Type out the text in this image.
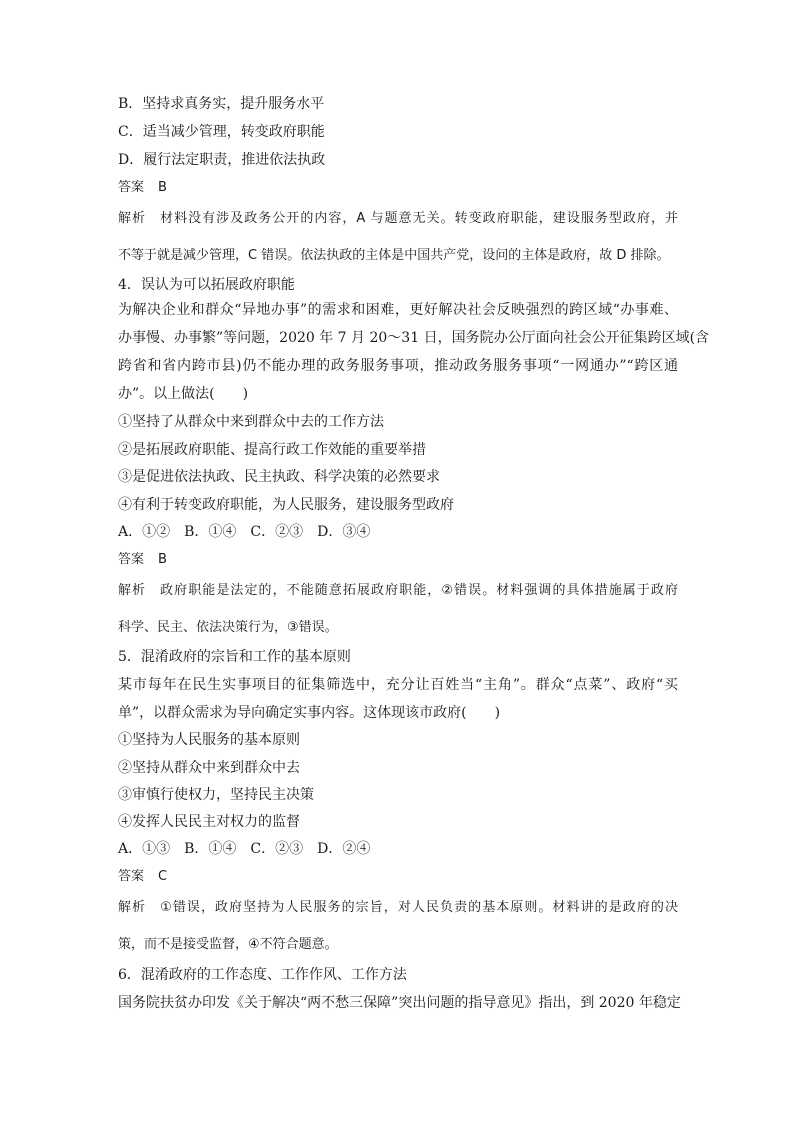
B．坚持求真务实，提升服务水平
C．适当减少管理，转变政府职能
D．履行法定职责，推进依法执政
答案 B
解析 材料没有涉及政务公开的内容，A 与题意无关。转变政府职能，建设服务型政府，并
不等于就是减少管理，C 错误。依法执政的主体是中国共产党，设问的主体是政府，故 D 排除。
4．误认为可以拓展政府职能
为解决企业和群众“异地办事”的需求和困难，更好解决社会反映强烈的跨区域“办事难、
办事慢、办事繁”等问题，2020 年 7 月 20～31 日，国务院办公厅面向社会公开征集跨区域(含
跨省和省内跨市县)仍不能办理的政务服务事项，推动政务服务事项“一网通办”“跨区通
办”。以上做法(　　)
①坚持了从群众中来到群众中去的工作方法
②是拓展政府职能、提高行政工作效能的重要举措
③是促进依法执政、民主执政、科学决策的必然要求
④有利于转变政府职能，为人民服务，建设服务型政府
A．①②　B．①④　C．②③　D．③④
答案 B
解析 政府职能是法定的，不能随意拓展政府职能，②错误。材料强调的具体措施属于政府
科学、民主、依法决策行为，③错误。
5．混淆政府的宗旨和工作的基本原则
某市每年在民生实事项目的征集筛选中，充分让百姓当“主角”。群众“点菜”、政府“买
单”，以群众需求为导向确定实事内容。这体现该市政府(　　)
①坚持为人民服务的基本原则
②坚持从群众中来到群众中去
③审慎行使权力，坚持民主决策
④发挥人民民主对权力的监督
A．①③　B．①④　C．②③　D．②④
答案 C
解析 ①错误，政府坚持为人民服务的宗旨，对人民负责的基本原则。材料讲的是政府的决
策，而不是接受监督，④不符合题意。
6．混淆政府的工作态度、工作作风、工作方法
国务院扶贫办印发《关于解决“两不愁三保障”突出问题的指导意见》指出，到 2020 年稳定
